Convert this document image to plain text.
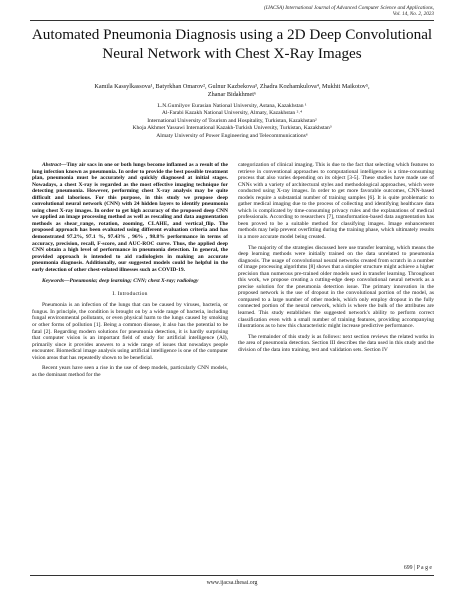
(IJACSA) International Journal of Advanced Computer Science and Applications,
Vol. 14, No. 2, 2023
Automated Pneumonia Diagnosis using a 2D Deep Convolutional Neural Network with Chest X-Ray Images
Kamila Kassylkassova¹, Batyrkhan Omarov², Gulnur Kazbekova³, Zhadra Kozhamkulova⁴, Mukhit Maikotov⁵,
Zhanar Bidakhmet⁶
L.N.Gumilyov Eurasian National University, Astana, Kazakhstan ¹
Al-Farabi Kazakh National University, Almaty, Kazakhstan ²˒⁴
International University of Tourism and Hospitality, Turkistan, Kazakhstan²
Khoja Akhmet Yassawi International Kazakh-Turkish University, Turkistan, Kazakhstan³
Almaty University of Power Engineering and Telecommunications⁶

Abstract—Tiny air sacs in one or both lungs become inflamed as a result of the lung infection known as pneumonia. In order to provide the best possible treatment plan, pneumonia must be accurately and quickly diagnosed at initial stages. Nowadays, a chest X-ray is regarded as the most effective imaging technique for detecting pneumonia. However, performing chest X-ray analysis may be quite difficult and laborious. For this purpose, in this study we propose deep convolutional neural network (CNN) with 24 hidden layers to identify pneumonia using chest X-ray images. In order to get high accuracy of the proposed deep CNN we applied an image processing method as well as rescaling and data augmentation methods as shear_range, rotation, zooming, CLAHE, and vertical_flip. The proposed approach has been evaluated using different evaluation criteria and has demonstrated 97.2%, 97.1 %, 97.43% , 96% , 98.8% performance in terms of accuracy, precision, recall, F-score, and AUC-ROC curve. Thus, the applied deep CNN obtain a high level of performance in pneumonia detection. In general, the provided approach is intended to aid radiologists in making an accurate pneumonia diagnosis. Additionally, our suggested models could be helpful in the early detection of other chest-related illnesses such as COVID-19.

Keywords—Pneumonia; deep learning; CNN; chest X-ray; radiology

I. Introduction

Pneumonia is an infection of the lungs that can be caused by viruses, bacteria, or fungus. In principle, the condition is brought on by a wide range of bacteria, including fungal environmental pollutants, or even physical harm to the lungs caused by smoking or other forms of pollution [1]. Being a common disease, it also has the potential to be fatal [2]. Regarding modern solutions for pneumonia detection, it is hardly surprising that computer vision is an important field of study for artificial intelligence (AI), primarily since it provides answers to a wide range of issues that nowadays people encounter. Biomedical image analysis using artificial intelligence is one of the computer vision areas that has repeatedly shown to be beneficial.

Recent years have seen a rise in the use of deep models, particularly CNN models, as the dominant method for the

categorization of clinical imaging. This is due to the fact that selecting which features to retrieve in conventional approaches to computational intelligence is a time-consuming process that also varies depending on its object [3-5]. These studies have made use of CNNs with a variety of architectural styles and methodological approaches, which were conducted using X-ray images. In order to get more favorable outcomes, CNN-based models require a substantial number of training samples [6]. It is quite problematic to gather medical imaging due to the process of collecting and identifying healthcare data which is complicated by time-consuming privacy rules and the explanations of medical professionals. According to researchers [7], transformation-based data augmentation has been proved to be a suitable method for classifying images. Image enhancement methods may help prevent overfitting during the training phase, which ultimately results in a more accurate model being created.

The majority of the strategies discussed here use transfer learning, which means the deep learning methods were initially trained on the data unrelated to pneumonia diagnosis. The usage of convolutional neural networks created from scratch in a number of image processing algorithms [8] shows that a simpler structure might achieve a higher precision than numerous pre-trained older models used in transfer learning. Throughout this work, we propose creating a cutting-edge deep convolutional neural network as a precise solution for the pneumonia detection issue. The primary innovation in the proposed network is the use of dropout in the convolutional portion of the model, as compared to a large number of other models, which only employ dropout in the fully connected portion of the neural network, which is where the bulk of the attributes are learned. This study establishes the suggested network's ability to perform correct classification even with a small number of training features, providing accompanying illustrations as to how this characteristic might increase predictive performance.

The remainder of this study is as follows: next section reviews the related works in the area of pneumonia detection. Section III describes the data used in this study and the division of the data into training, test and validation sets. Section IV

699 | P a g e
www.ijacsa.thesai.org
